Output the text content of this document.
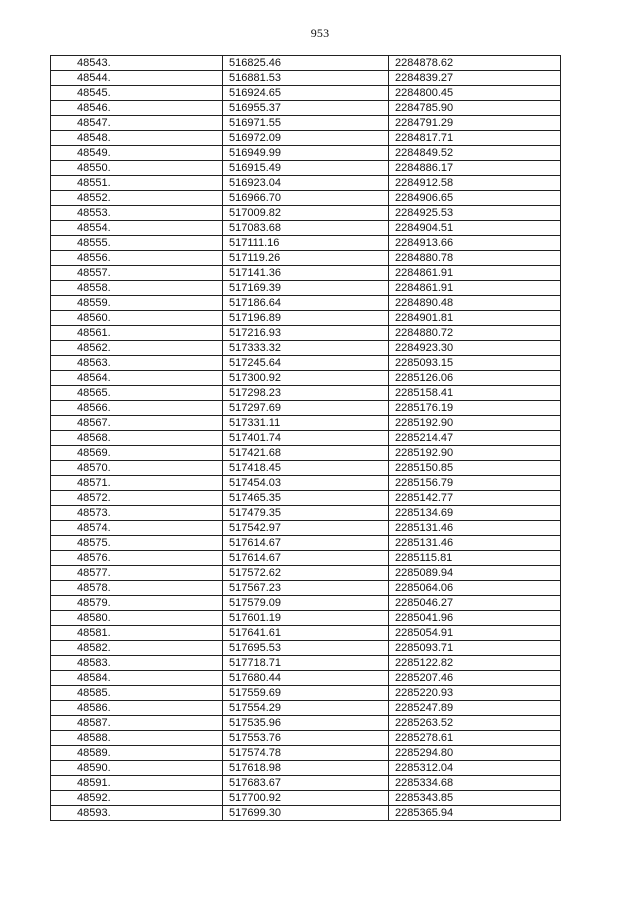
953
48543.	516825.46	2284878.62
48544.	516881.53	2284839.27
48545.	516924.65	2284800.45
48546.	516955.37	2284785.90
48547.	516971.55	2284791.29
48548.	516972.09	2284817.71
48549.	516949.99	2284849.52
48550.	516915.49	2284886.17
48551.	516923.04	2284912.58
48552.	516966.70	2284906.65
48553.	517009.82	2284925.53
48554.	517083.68	2284904.51
48555.	517111.16	2284913.66
48556.	517119.26	2284880.78
48557.	517141.36	2284861.91
48558.	517169.39	2284861.91
48559.	517186.64	2284890.48
48560.	517196.89	2284901.81
48561.	517216.93	2284880.72
48562.	517333.32	2284923.30
48563.	517245.64	2285093.15
48564.	517300.92	2285126.06
48565.	517298.23	2285158.41
48566.	517297.69	2285176.19
48567.	517331.11	2285192.90
48568.	517401.74	2285214.47
48569.	517421.68	2285192.90
48570.	517418.45	2285150.85
48571.	517454.03	2285156.79
48572.	517465.35	2285142.77
48573.	517479.35	2285134.69
48574.	517542.97	2285131.46
48575.	517614.67	2285131.46
48576.	517614.67	2285115.81
48577.	517572.62	2285089.94
48578.	517567.23	2285064.06
48579.	517579.09	2285046.27
48580.	517601.19	2285041.96
48581.	517641.61	2285054.91
48582.	517695.53	2285093.71
48583.	517718.71	2285122.82
48584.	517680.44	2285207.46
48585.	517559.69	2285220.93
48586.	517554.29	2285247.89
48587.	517535.96	2285263.52
48588.	517553.76	2285278.61
48589.	517574.78	2285294.80
48590.	517618.98	2285312.04
48591.	517683.67	2285334.68
48592.	517700.92	2285343.85
48593.	517699.30	2285365.94
